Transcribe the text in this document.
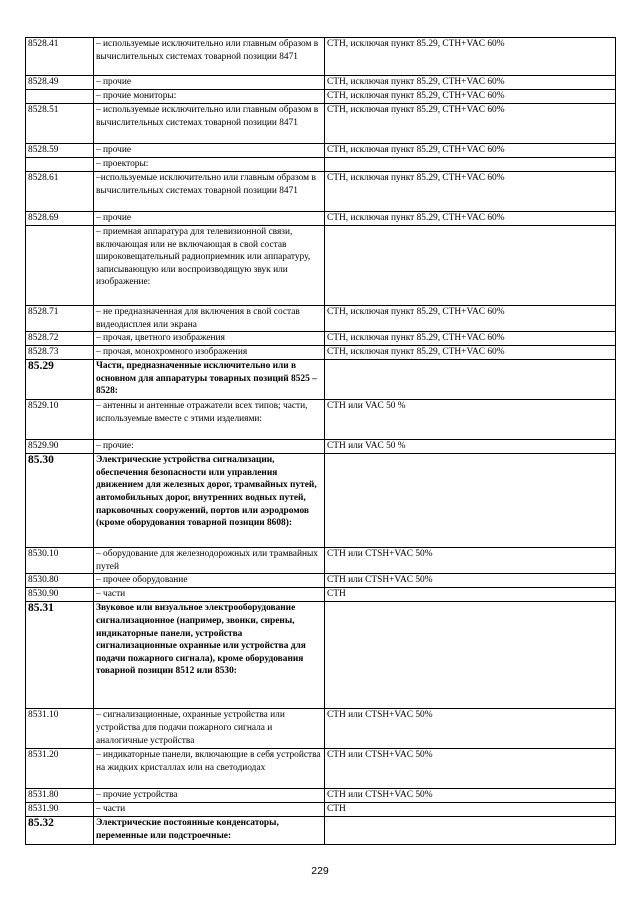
8528.41	– используемые исключительно или главным образом в вычислительных системах товарной позиции 8471	СТН, исключая пункт 85.29, СТН+VAC 60%
8528.49	– прочие	СТН, исключая пункт 85.29, СТН+VAC 60%
	– прочие мониторы:	СТН, исключая пункт 85.29, СТН+VAC 60%
8528.51	– используемые исключительно или главным образом в вычислительных системах товарной позиции 8471	СТН, исключая пункт 85.29, СТН+VAC 60%
8528.59	– прочие	СТН, исключая пункт 85.29, СТН+VAC 60%
	– проекторы:	
8528.61	–используемые исключительно или главным образом в вычислительных системах товарной позиции 8471	СТН, исключая пункт 85.29, СТН+VAC 60%
8528.69	– прочие	СТН, исключая пункт 85.29, СТН+VAC 60%
	– приемная аппаратура для телевизионной связи, включающая или не включающая в свой состав широковещательный радиоприемник или аппаратуру, записывающую или воспроизводящую звук или изображение:	
8528.71	– не предназначенная для включения в свой состав видеодисплея или экрана	СТН, исключая пункт 85.29, СТН+VAC 60%
8528.72	– прочая, цветного изображения	СТН, исключая пункт 85.29, СТН+VAC 60%
8528.73	– прочая, монохромного изображения	СТН, исключая пункт 85.29, СТН+VAC 60%
85.29	Части, предназначенные исключительно или в основном для аппаратуры товарных позиций 8525 – 8528:	
8529.10	– антенны и антенные отражатели всех типов; части, используемые вместе с этими изделиями:	СТН или VAC 50 %
8529.90	– прочие:	СТН или VAC 50 %
85.30	Электрические устройства сигнализации, обеспечения безопасности или управления движением для железных дорог, трамвайных путей, автомобильных дорог, внутренних водных путей, парковочных сооружений, портов или аэродромов (кроме оборудования товарной позиции 8608):	
8530.10	– оборудование для железнодорожных или трамвайных путей	СТН или CTSH+VAC 50%
8530.80	– прочее оборудование	СТН или CTSH+VAC 50%
8530.90	– части	СТН
85.31	Звуковое или визуальное электрооборудование сигнализационное (например, звонки, сирены, индикаторные панели, устройства сигнализационные охранные или устройства для подачи пожарного сигнала), кроме оборудования товарной позиции 8512 или 8530:	
8531.10	– сигнализационные, охранные устройства или устройства для подачи пожарного сигнала и аналогичные устройства	СТН или CTSH+VAC 50%
8531.20	– индикаторные панели, включающие в себя устройства на жидких кристаллах или на светодиодах	СТН или CTSH+VAC 50%
8531.80	– прочие устройства	СТН или CTSH+VAC 50%
8531.90	– части	СТН
85.32	Электрические постоянные конденсаторы, переменные или подстроечные:	
229
